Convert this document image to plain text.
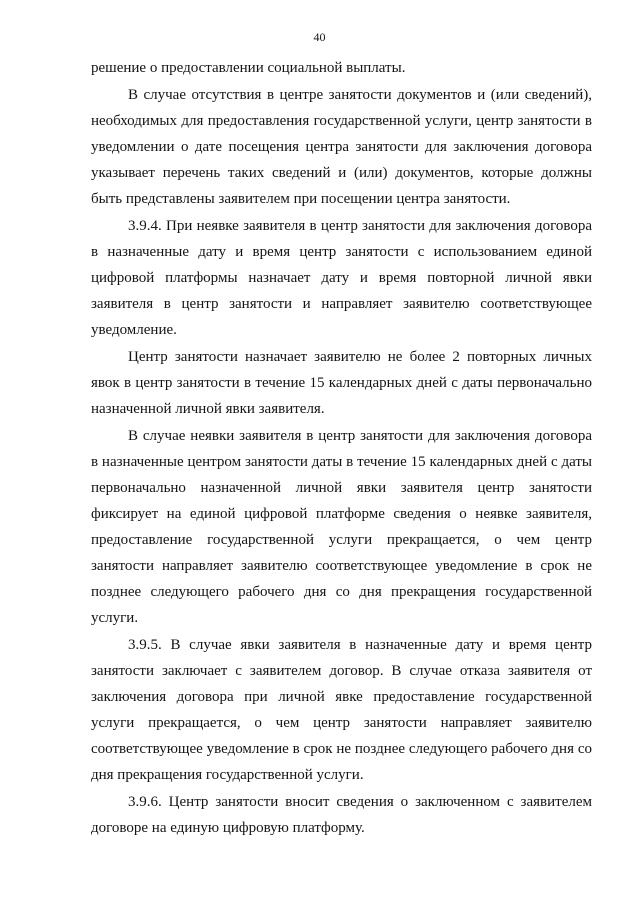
40

решение о предоставлении социальной выплаты.

В случае отсутствия в центре занятости документов и (или сведений), необходимых для предоставления государственной услуги, центр занятости в уведомлении о дате посещения центра занятости для заключения договора указывает перечень таких сведений и (или) документов, которые должны быть представлены заявителем при посещении центра занятости.

3.9.4. При неявке заявителя в центр занятости для заключения договора в назначенные дату и время центр занятости с использованием единой цифровой платформы назначает дату и время повторной личной явки заявителя в центр занятости и направляет заявителю соответствующее уведомление.

Центр занятости назначает заявителю не более 2 повторных личных явок в центр занятости в течение 15 календарных дней с даты первоначально назначенной личной явки заявителя.

В случае неявки заявителя в центр занятости для заключения договора в назначенные центром занятости даты в течение 15 календарных дней с даты первоначально назначенной личной явки заявителя центр занятости фиксирует на единой цифровой платформе сведения о неявке заявителя, предоставление государственной услуги прекращается, о чем центр занятости направляет заявителю соответствующее уведомление в срок не позднее следующего рабочего дня со дня прекращения государственной услуги.

3.9.5. В случае явки заявителя в назначенные дату и время центр занятости заключает с заявителем договор. В случае отказа заявителя от заключения договора при личной явке предоставление государственной услуги прекращается, о чем центр занятости направляет заявителю соответствующее уведомление в срок не позднее следующего рабочего дня со дня прекращения государственной услуги.

3.9.6. Центр занятости вносит сведения о заключенном с заявителем договоре на единую цифровую платформу.
